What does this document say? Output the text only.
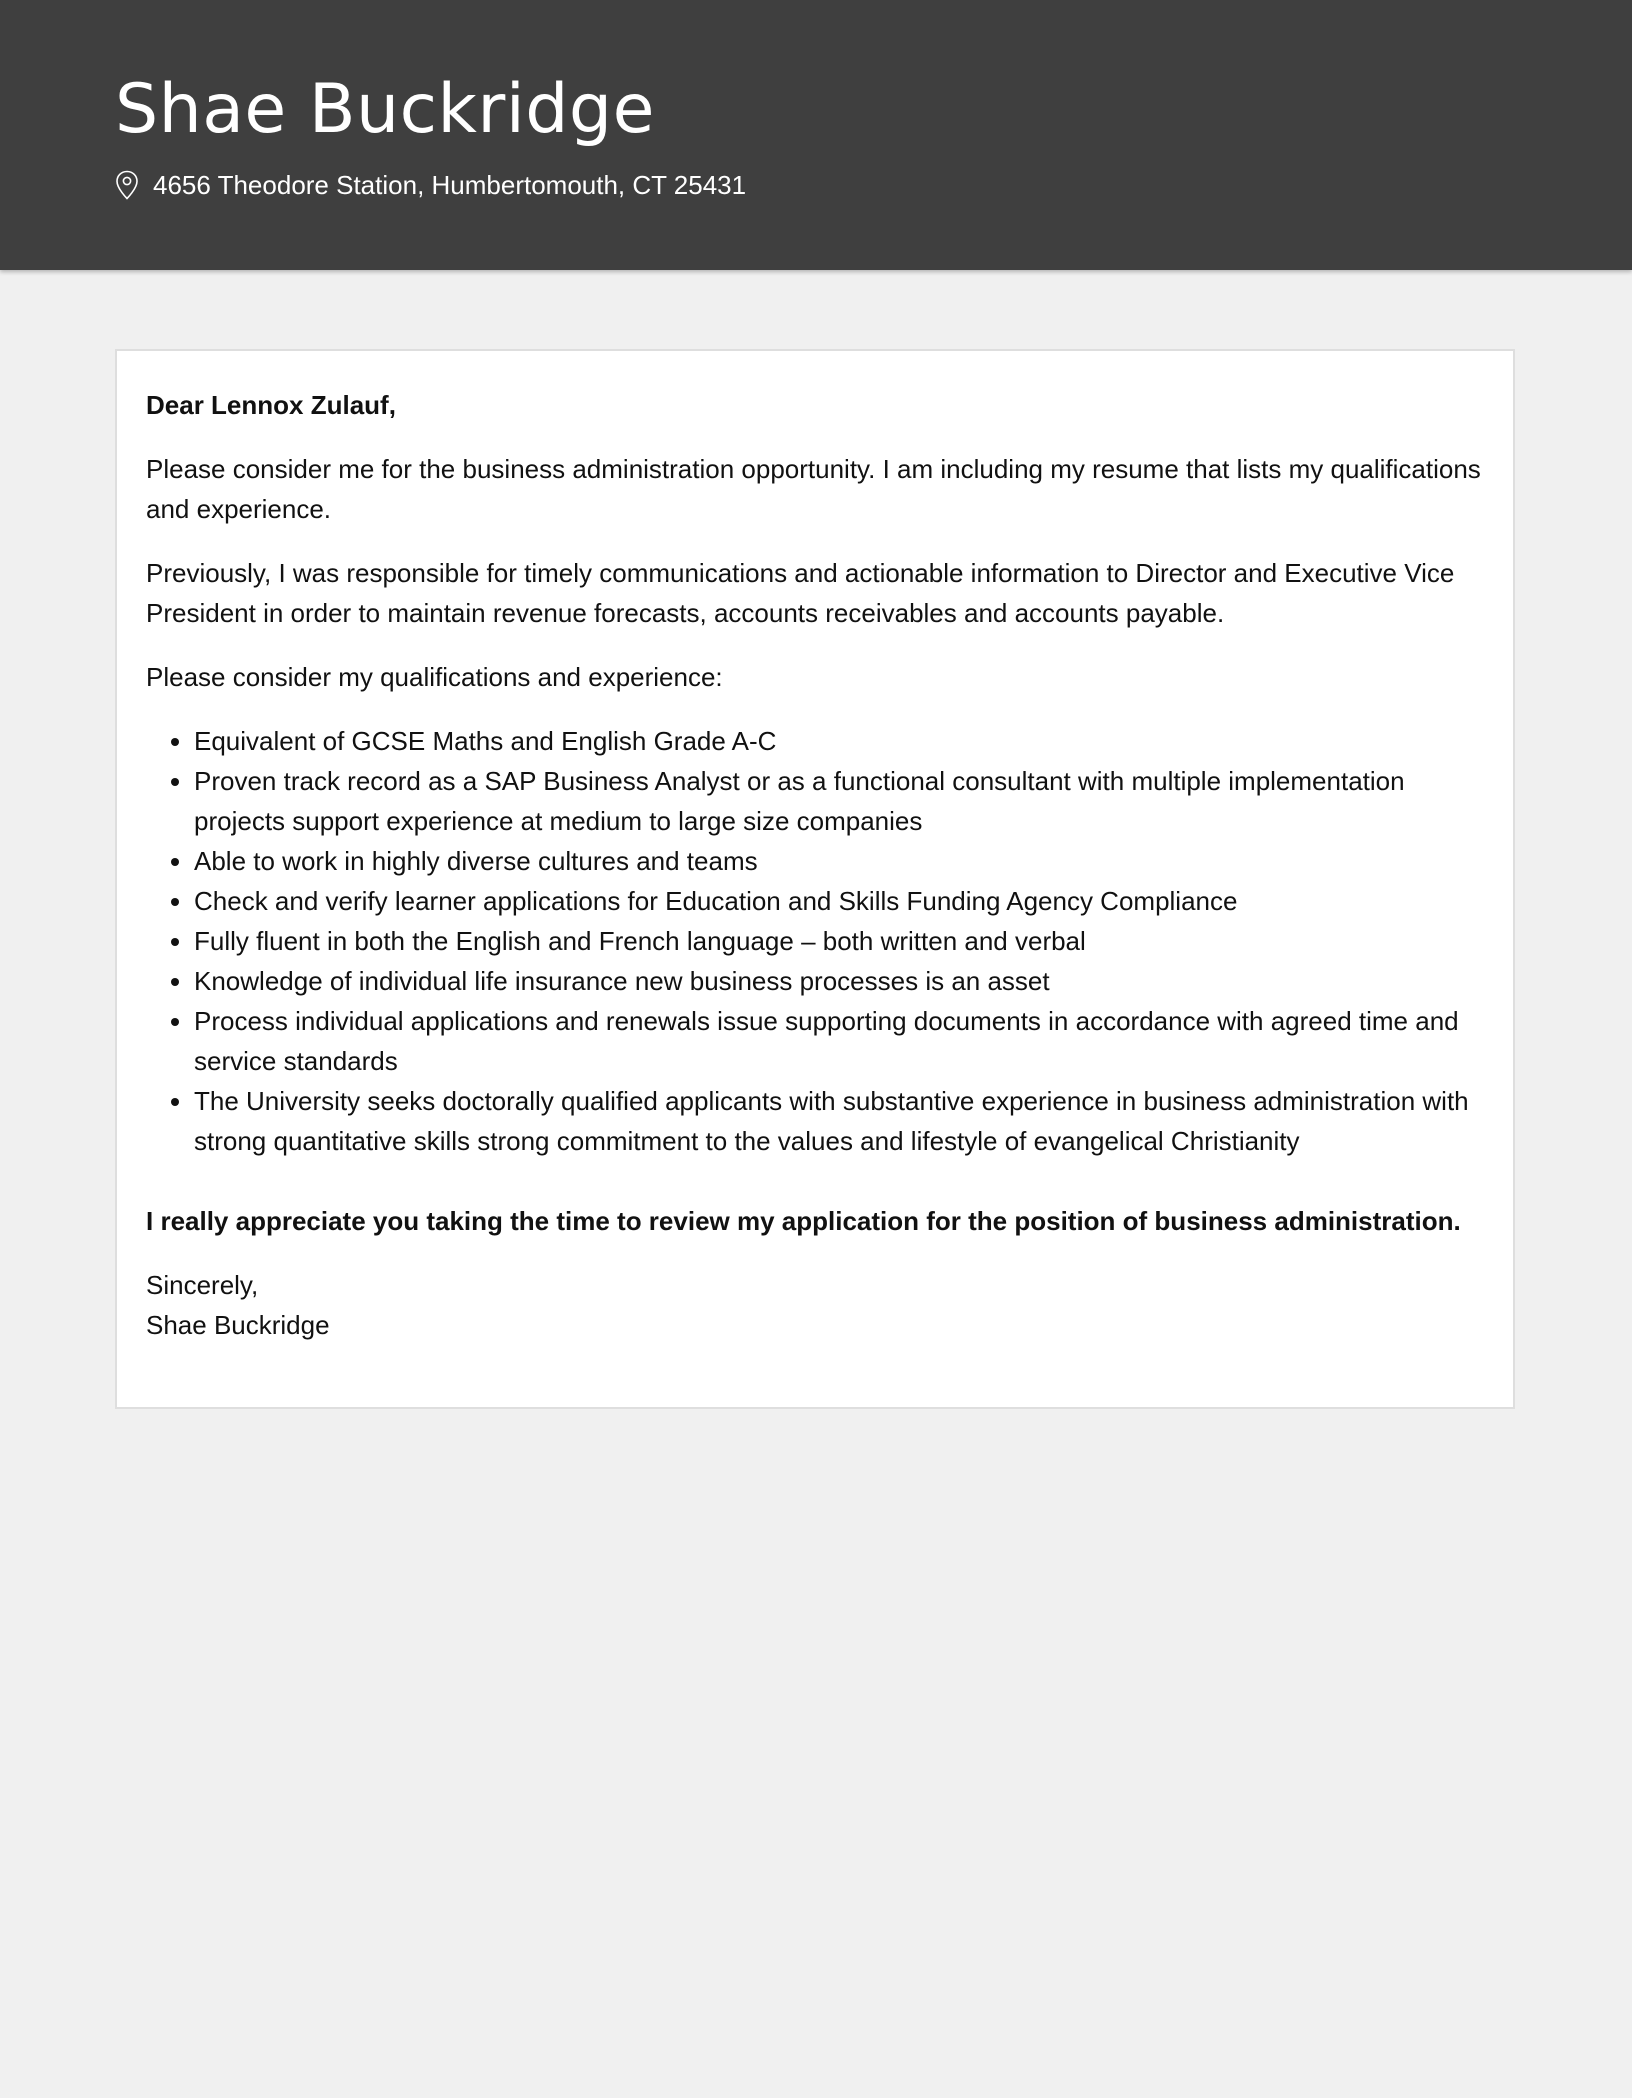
Shae Buckridge
4656 Theodore Station, Humbertomouth, CT 25431

Dear Lennox Zulauf,

Please consider me for the business administration opportunity. I am including my resume that lists my qualifications and experience.

Previously, I was responsible for timely communications and actionable information to Director and Executive Vice President in order to maintain revenue forecasts, accounts receivables and accounts payable.

Please consider my qualifications and experience:

• Equivalent of GCSE Maths and English Grade A-C
• Proven track record as a SAP Business Analyst or as a functional consultant with multiple implementation projects support experience at medium to large size companies
• Able to work in highly diverse cultures and teams
• Check and verify learner applications for Education and Skills Funding Agency Compliance
• Fully fluent in both the English and French language – both written and verbal
• Knowledge of individual life insurance new business processes is an asset
• Process individual applications and renewals issue supporting documents in accordance with agreed time and service standards
• The University seeks doctorally qualified applicants with substantive experience in business administration with strong quantitative skills strong commitment to the values and lifestyle of evangelical Christianity

I really appreciate you taking the time to review my application for the position of business administration.

Sincerely,
Shae Buckridge
